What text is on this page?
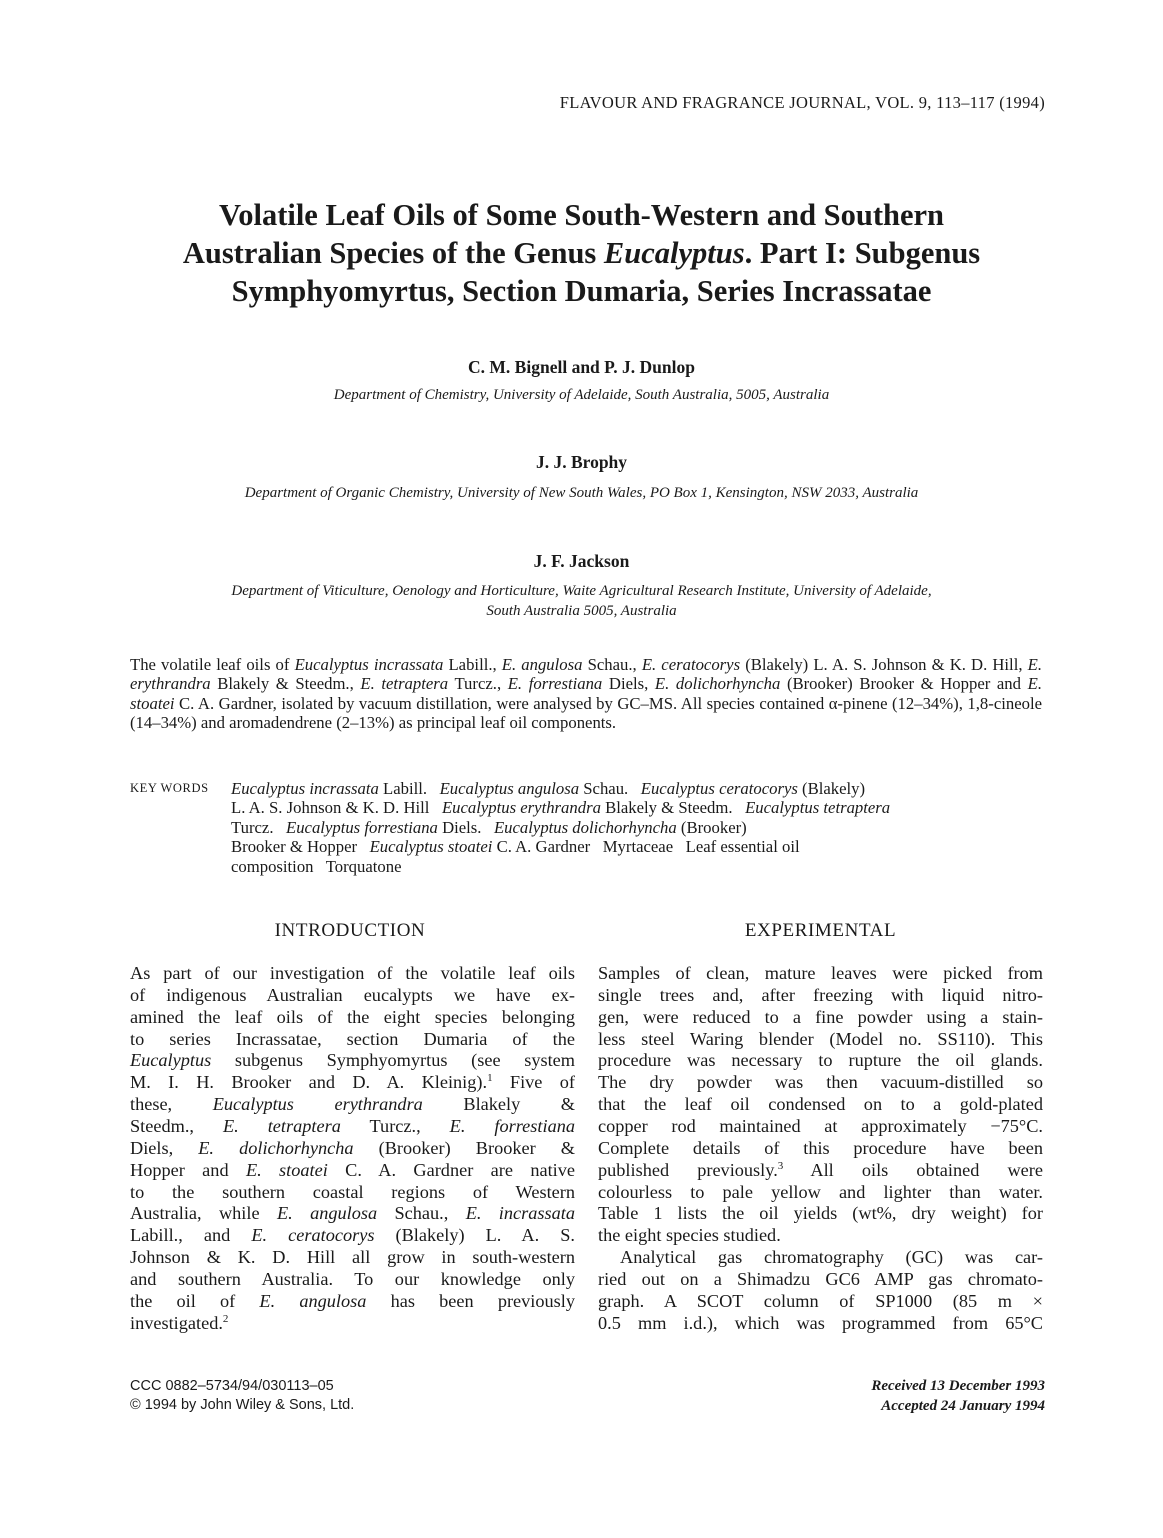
FLAVOUR AND FRAGRANCE JOURNAL, VOL. 9, 113–117 (1994)
Volatile Leaf Oils of Some South-Western and Southern
Australian Species of the Genus Eucalyptus. Part I: Subgenus
Symphyomyrtus, Section Dumaria, Series Incrassatae
C. M. Bignell and P. J. Dunlop
Department of Chemistry, University of Adelaide, South Australia, 5005, Australia
J. J. Brophy
Department of Organic Chemistry, University of New South Wales, PO Box 1, Kensington, NSW 2033, Australia
J. F. Jackson
Department of Viticulture, Oenology and Horticulture, Waite Agricultural Research Institute, University of Adelaide,
South Australia 5005, Australia

The volatile leaf oils of Eucalyptus incrassata Labill., E. angulosa Schau., E. ceratocorys (Blakely) L. A. S. Johnson & K. D. Hill, E. erythrandra Blakely & Steedm., E. tetraptera Turcz., E. forrestiana Diels, E. dolichorhyncha (Brooker) Brooker & Hopper and E. stoatei C. A. Gardner, isolated by vacuum distillation, were analysed by GC–MS. All species contained α-pinene (12–34%), 1,8-cineole (14–34%) and aromadendrene (2–13%) as principal leaf oil components.

KEY WORDS Eucalyptus incrassata Labill.   Eucalyptus angulosa Schau.   Eucalyptus ceratocorys (Blakely)
L. A. S. Johnson & K. D. Hill   Eucalyptus erythrandra Blakely & Steedm.   Eucalyptus tetraptera
Turcz.   Eucalyptus forrestiana Diels.   Eucalyptus dolichorhyncha (Brooker)
Brooker & Hopper   Eucalyptus stoatei C. A. Gardner   Myrtaceae   Leaf essential oil
composition   Torquatone
INTRODUCTION	EXPERIMENTAL
As part of our investigation of the volatile leaf oils
of indigenous Australian eucalypts we have ex-
amined the leaf oils of the eight species belonging
to series Incrassatae, section Dumaria of the
Eucalyptus subgenus Symphyomyrtus (see system
M. I. H. Brooker and D. A. Kleinig).$^1$ Five of
these, Eucalyptus erythrandra Blakely &
Steedm., E. tetraptera Turcz., E. forrestiana
Diels, E. dolichorhyncha (Brooker) Brooker &
Hopper and E. stoatei C. A. Gardner are native
to the southern coastal regions of Western
Australia, while E. angulosa Schau., E. incrassata
Labill., and E. ceratocorys (Blakely) L. A. S.
Johnson & K. D. Hill all grow in south-western
and southern Australia. To our knowledge only
the oil of E. angulosa has been previously
investigated.$^2$
Samples of clean, mature leaves were picked from
single trees and, after freezing with liquid nitro-
gen, were reduced to a fine powder using a stain-
less steel Waring blender (Model no. SS110). This
procedure was necessary to rupture the oil glands.
The dry powder was then vacuum-distilled so
that the leaf oil condensed on to a gold-plated
copper rod maintained at approximately −75°C.
Complete details of this procedure have been
published previously.$^3$ All oils obtained were
colourless to pale yellow and lighter than water.
Table 1 lists the oil yields (wt%, dry weight) for
the eight species studied.
Analytical gas chromatography (GC) was car-
ried out on a Shimadzu GC6 AMP gas chromato-
graph. A SCOT column of SP1000 (85 m ×
0.5 mm i.d.), which was programmed from 65°C
CCC 0882–5734/94/030113–05
© 1994 by John Wiley & Sons, Ltd.
Received 13 December 1993
Accepted 24 January 1994
